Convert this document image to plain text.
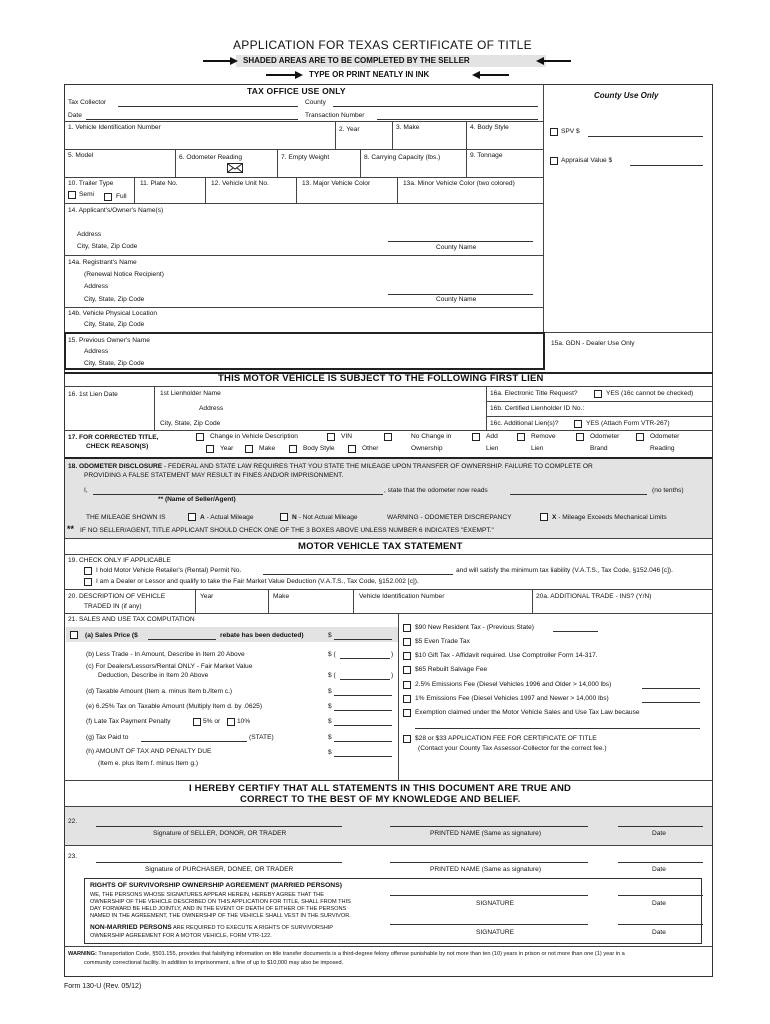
APPLICATION FOR TEXAS CERTIFICATE OF TITLE
SHADED AREAS ARE TO BE COMPLETED BY THE SELLER
TYPE OR PRINT NEATLY IN INK
TAX OFFICE USE ONLY
Tax Collector	County
Date	Transaction Number
County Use Only
SPV $
Appraisal Value $
1. Vehicle Identification Number	2. Year	3. Make	4. Body Style
5. Model	6. Odometer Reading	7. Empty Weight	8. Carrying Capacity (lbs.)	9. Tonnage
10. Trailer Type
Semi	Full
11. Plate No.	12. Vehicle Unit No.	13. Major Vehicle Color	13a. Minor Vehicle Color (two colored)
14. Applicant's/Owner's Name(s)
Address
City, State, Zip Code	County Name
14a. Registrant's Name
(Renewal Notice Recipient)
Address
City, State, Zip Code	County Name
14b. Vehicle Physical Location
City, State, Zip Code
15. Previous Owner's Name
Address
City, State, Zip Code
15a. GDN - Dealer Use Only
THIS MOTOR VEHICLE IS SUBJECT TO THE FOLLOWING FIRST LIEN
16. 1st Lien Date	1st Lienholder Name
Address
City, State, Zip Code
16a. Electronic Title Request?	YES (16c cannot be checked)
16b. Certified Lienholder ID No.:
16c. Additional Lien(s)?	YES (Attach Form VTR-267)
17. FOR CORRECTED TITLE,
CHECK REASON(S)
Change in Vehicle Description	VIN	No Change in	Add	Remove	Odometer	Odometer
Year	Make	Body Style	Other	Ownership	Lien	Lien	Brand	Reading
18. ODOMETER DISCLOSURE - FEDERAL AND STATE LAW REQUIRES THAT YOU STATE THE MILEAGE UPON TRANSFER OF OWNERSHIP. FAILURE TO COMPLETE OR
PROVIDING A FALSE STATEMENT MAY RESULT IN FINES AND/OR IMPRISONMENT.
I,	, state that the odometer now reads	(no tenths)
** (Name of Seller/Agent)
THE MILEAGE SHOWN IS	A - Actual Mileage	N - Not Actual Mileage	WARNING - ODOMETER DISCREPANCY	X - Mileage Exceeds Mechanical Limits
** IF NO SELLER/AGENT, TITLE APPLICANT SHOULD CHECK ONE OF THE 3 BOXES ABOVE UNLESS NUMBER 6 INDICATES "EXEMPT."
MOTOR VEHICLE TAX STATEMENT
19. CHECK ONLY IF APPLICABLE
I hold Motor Vehicle Retailer's (Rental) Permit No.	and will satisfy the minimum tax liability (V.A.T.S., Tax Code, §152.046 [c]).
I am a Dealer or Lessor and qualify to take the Fair Market Value Deduction (V.A.T.S., Tax Code, §152.002 [c]).
20. DESCRIPTION OF VEHICLE
TRADED IN (if any)
Year	Make	Vehicle Identification Number	20a. ADDITIONAL TRADE - INS? (Y/N)
21. SALES AND USE TAX COMPUTATION
(a) Sales Price ($	rebate has been deducted)	$
(b) Less Trade - In Amount, Describe in Item 20 Above	$ (	)
(c) For Dealers/Lessors/Rental ONLY - Fair Market Value
Deduction, Describe in Item 20 Above	$ (	)
(d) Taxable Amount (Item a. minus Item b./Item c.)	$
(e) 6.25% Tax on Taxable Amount (Multiply Item d. by .0625)	$
(f) Late Tax Payment Penalty	5% or	10%	$
(g) Tax Paid to	(STATE)	$
(h) AMOUNT OF TAX AND PENALTY DUE
(Item e. plus Item f. minus Item g.)
$
$90 New Resident Tax - (Previous State)
$5 Even Trade Tax
$10 Gift Tax - Affidavit required. Use Comptroller Form 14-317.
$65 Rebuilt Salvage Fee
2.5% Emissions Fee (Diesel Vehicles 1996 and Older > 14,000 lbs)
1% Emissions Fee (Diesel Vehicles 1997 and Newer > 14,000 lbs)
Exemption claimed under the Motor Vehicle Sales and Use Tax Law because
$28 or $33 APPLICATION FEE FOR CERTIFICATE OF TITLE
(Contact your County Tax Assessor-Collector for the correct fee.)
I HEREBY CERTIFY THAT ALL STATEMENTS IN THIS DOCUMENT ARE TRUE AND
CORRECT TO THE BEST OF MY KNOWLEDGE AND BELIEF.
22.
Signature of SELLER, DONOR, OR TRADER	PRINTED NAME (Same as signature)	Date
23.
Signature of PURCHASER, DONEE, OR TRADER	PRINTED NAME (Same as signature)	Date
RIGHTS OF SURVIVORSHIP OWNERSHIP AGREEMENT (MARRIED PERSONS)
WE, THE PERSONS WHOSE SIGNATURES APPEAR HEREIN, HEREBY AGREE THAT THE
OWNERSHIP OF THE VEHICLE DESCRIBED ON THIS APPLICATION FOR TITLE, SHALL FROM THIS
DAY FORWARD BE HELD JOINTLY, AND IN THE EVENT OF DEATH OF EITHER OF THE PERSONS
NAMED IN THE AGREEMENT, THE OWNERSHIP OF THE VEHICLE SHALL VEST IN THE SURVIVOR.
NON-MARRIED PERSONS ARE REQUIRED TO EXECUTE A RIGHTS OF SURVIVORSHIP
OWNERSHIP AGREEMENT FOR A MOTOR VEHICLE, FORM VTR-122.
SIGNATURE	Date
SIGNATURE	Date
WARNING: Transportation Code, §501.155, provides that falsifying information on title transfer documents is a third-degree felony offense punishable by not more than ten (10) years in prison or not more than one (1) year in a
community correctional facility. In addition to imprisonment, a fine of up to $10,000 may also be imposed.
Form 130-U (Rev. 05/12)
